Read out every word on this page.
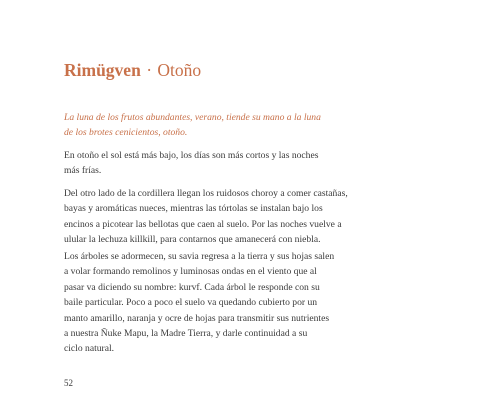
Rimügven · Otoño
La luna de los frutos abundantes, verano, tiende su mano a la luna
de los brotes cenicientos, otoño.
En otoño el sol está más bajo, los días son más cortos y las noches
más frías.
Del otro lado de la cordillera llegan los ruidosos choroy a comer castañas,
bayas y aromáticas nueces, mientras las tórtolas se instalan bajo los
encinos a picotear las bellotas que caen al suelo. Por las noches vuelve a
ulular la lechuza killkill, para contarnos que amanecerá con niebla.
Los árboles se adormecen, su savia regresa a la tierra y sus hojas salen
a volar formando remolinos y luminosas ondas en el viento que al
pasar va diciendo su nombre: kurvf. Cada árbol le responde con su
baile particular. Poco a poco el suelo va quedando cubierto por un
manto amarillo, naranja y ocre de hojas para transmitir sus nutrientes
a nuestra Ñuke Mapu, la Madre Tierra, y darle continuidad a su
ciclo natural.
52
